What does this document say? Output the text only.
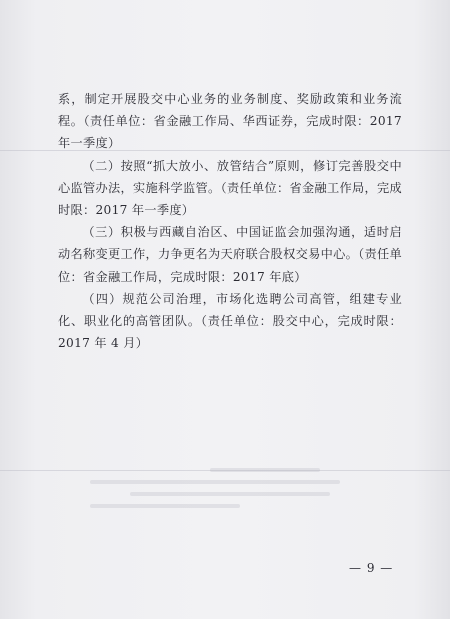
系，制定开展股交中心业务的业务制度、奖励政策和业务流程。（责任单位：省金融工作局、华西证券，完成时限：2017 年一季度）

（二）按照“抓大放小、放管结合”原则，修订完善股交中心监管办法，实施科学监管。（责任单位：省金融工作局，完成时限：2017 年一季度）

（三）积极与西藏自治区、中国证监会加强沟通，适时启动名称变更工作，力争更名为天府联合股权交易中心。（责任单位：省金融工作局，完成时限：2017 年底）

（四）规范公司治理，市场化选聘公司高管，组建专业化、职业化的高管团队。（责任单位：股交中心，完成时限：2017 年 4 月）

— 9 —
